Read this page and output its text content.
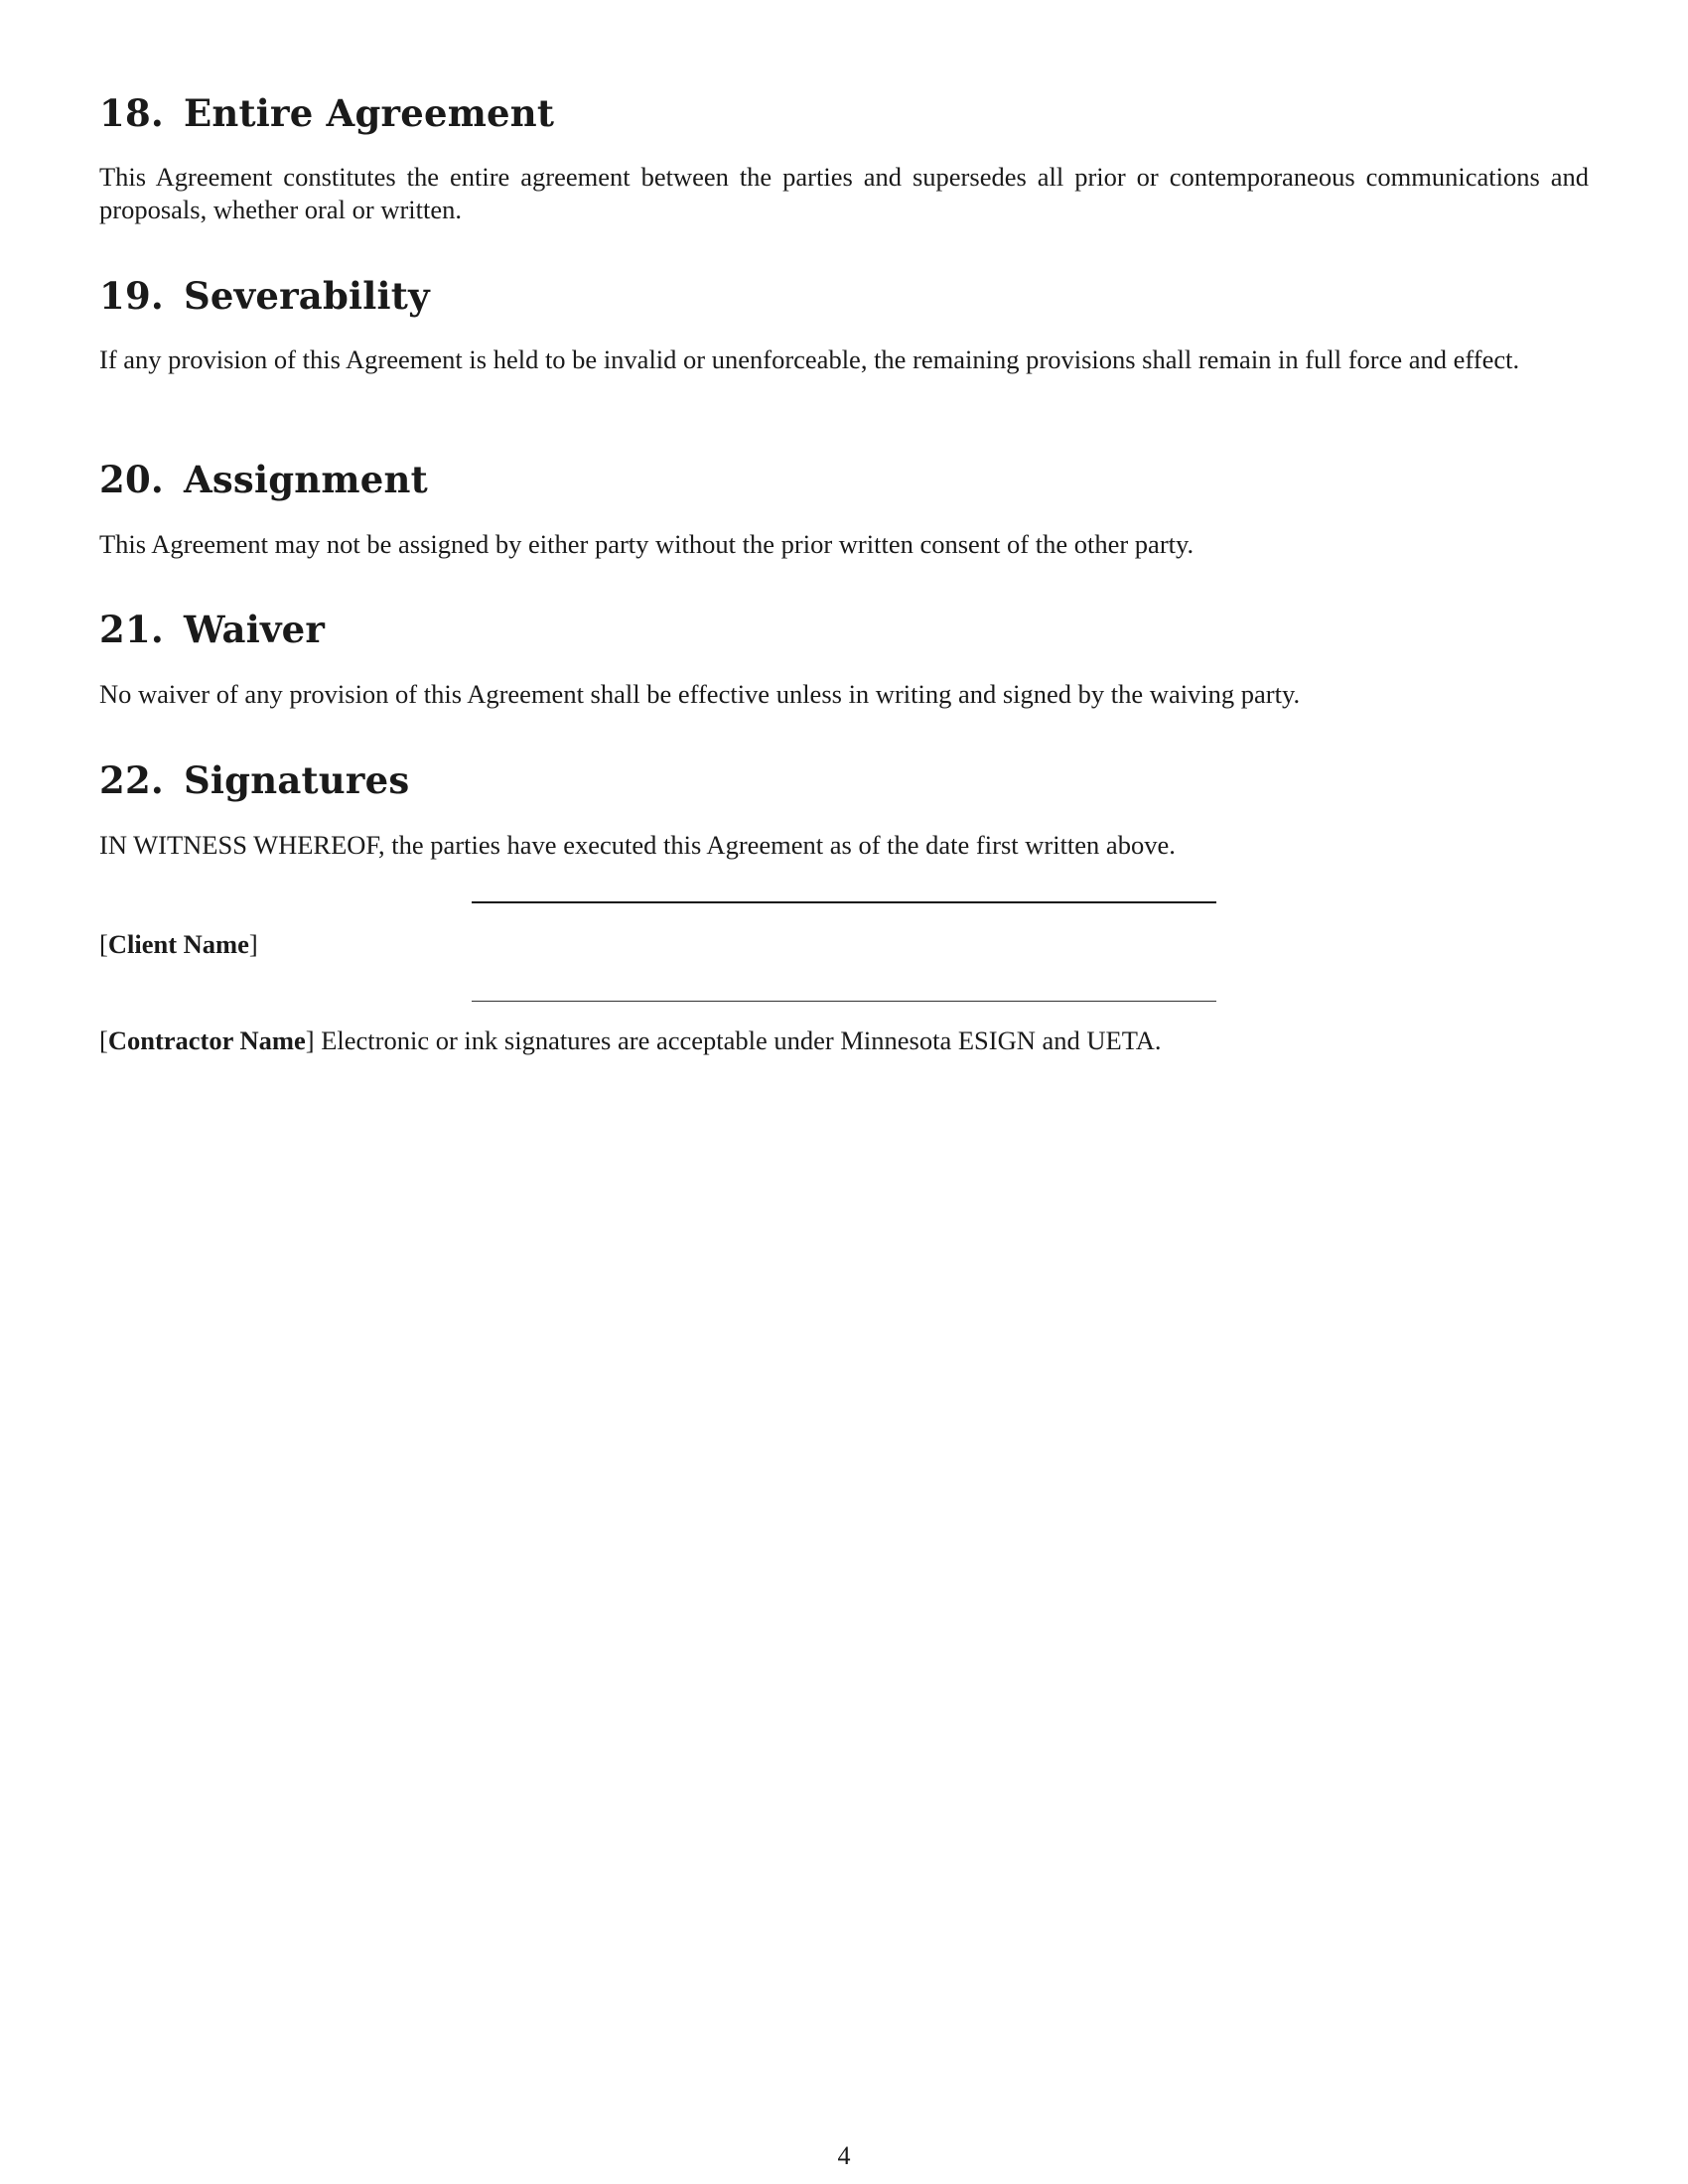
18. Entire Agreement

This Agreement constitutes the entire agreement between the parties and supersedes all prior or contemporaneous communications and proposals, whether oral or written.

19. Severability

If any provision of this Agreement is held to be invalid or unenforceable, the remaining provisions shall remain in full force and effect.

20. Assignment

This Agreement may not be assigned by either party without the prior written consent of the other party.

21. Waiver

No waiver of any provision of this Agreement shall be effective unless in writing and signed by the waiving party.

22. Signatures

IN WITNESS WHEREOF, the parties have executed this Agreement as of the date first written above.

[Client Name]

[Contractor Name] Electronic or ink signatures are acceptable under Minnesota ESIGN and UETA.

4
